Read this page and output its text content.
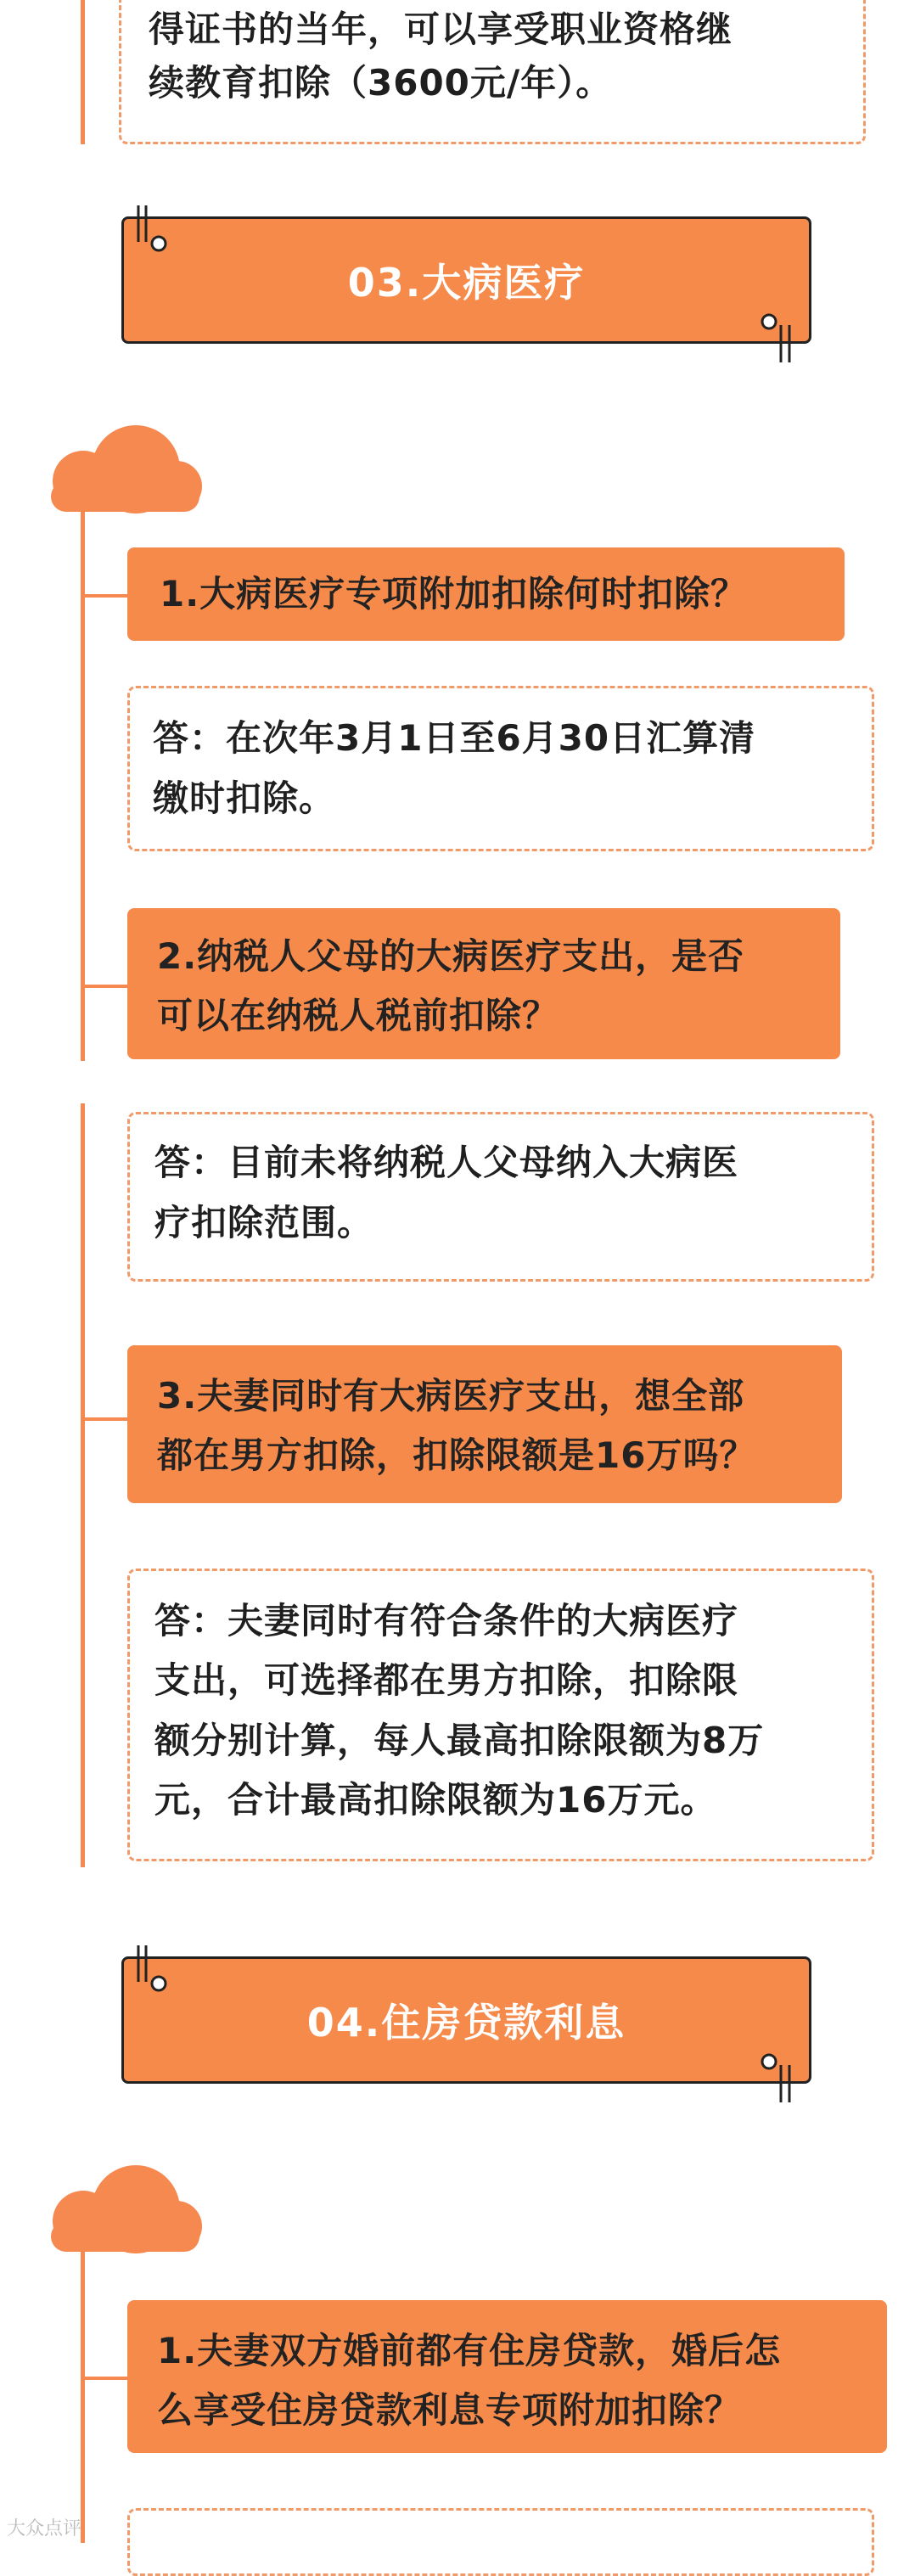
得证书的当年，可以享受职业资格继
续教育扣除（3600元/年）。
03.大病医疗
1.大病医疗专项附加扣除何时扣除？
答：在次年3月1日至6月30日汇算清
缴时扣除。
2.纳税人父母的大病医疗支出，是否
可以在纳税人税前扣除？
答：目前未将纳税人父母纳入大病医
疗扣除范围。
3.夫妻同时有大病医疗支出，想全部
都在男方扣除，扣除限额是16万吗？
答：夫妻同时有符合条件的大病医疗
支出，可选择都在男方扣除，扣除限
额分别计算，每人最高扣除限额为8万
元，合计最高扣除限额为16万元。
04.住房贷款利息
1.夫妻双方婚前都有住房贷款，婚后怎
么享受住房贷款利息专项附加扣除？
大众点评
